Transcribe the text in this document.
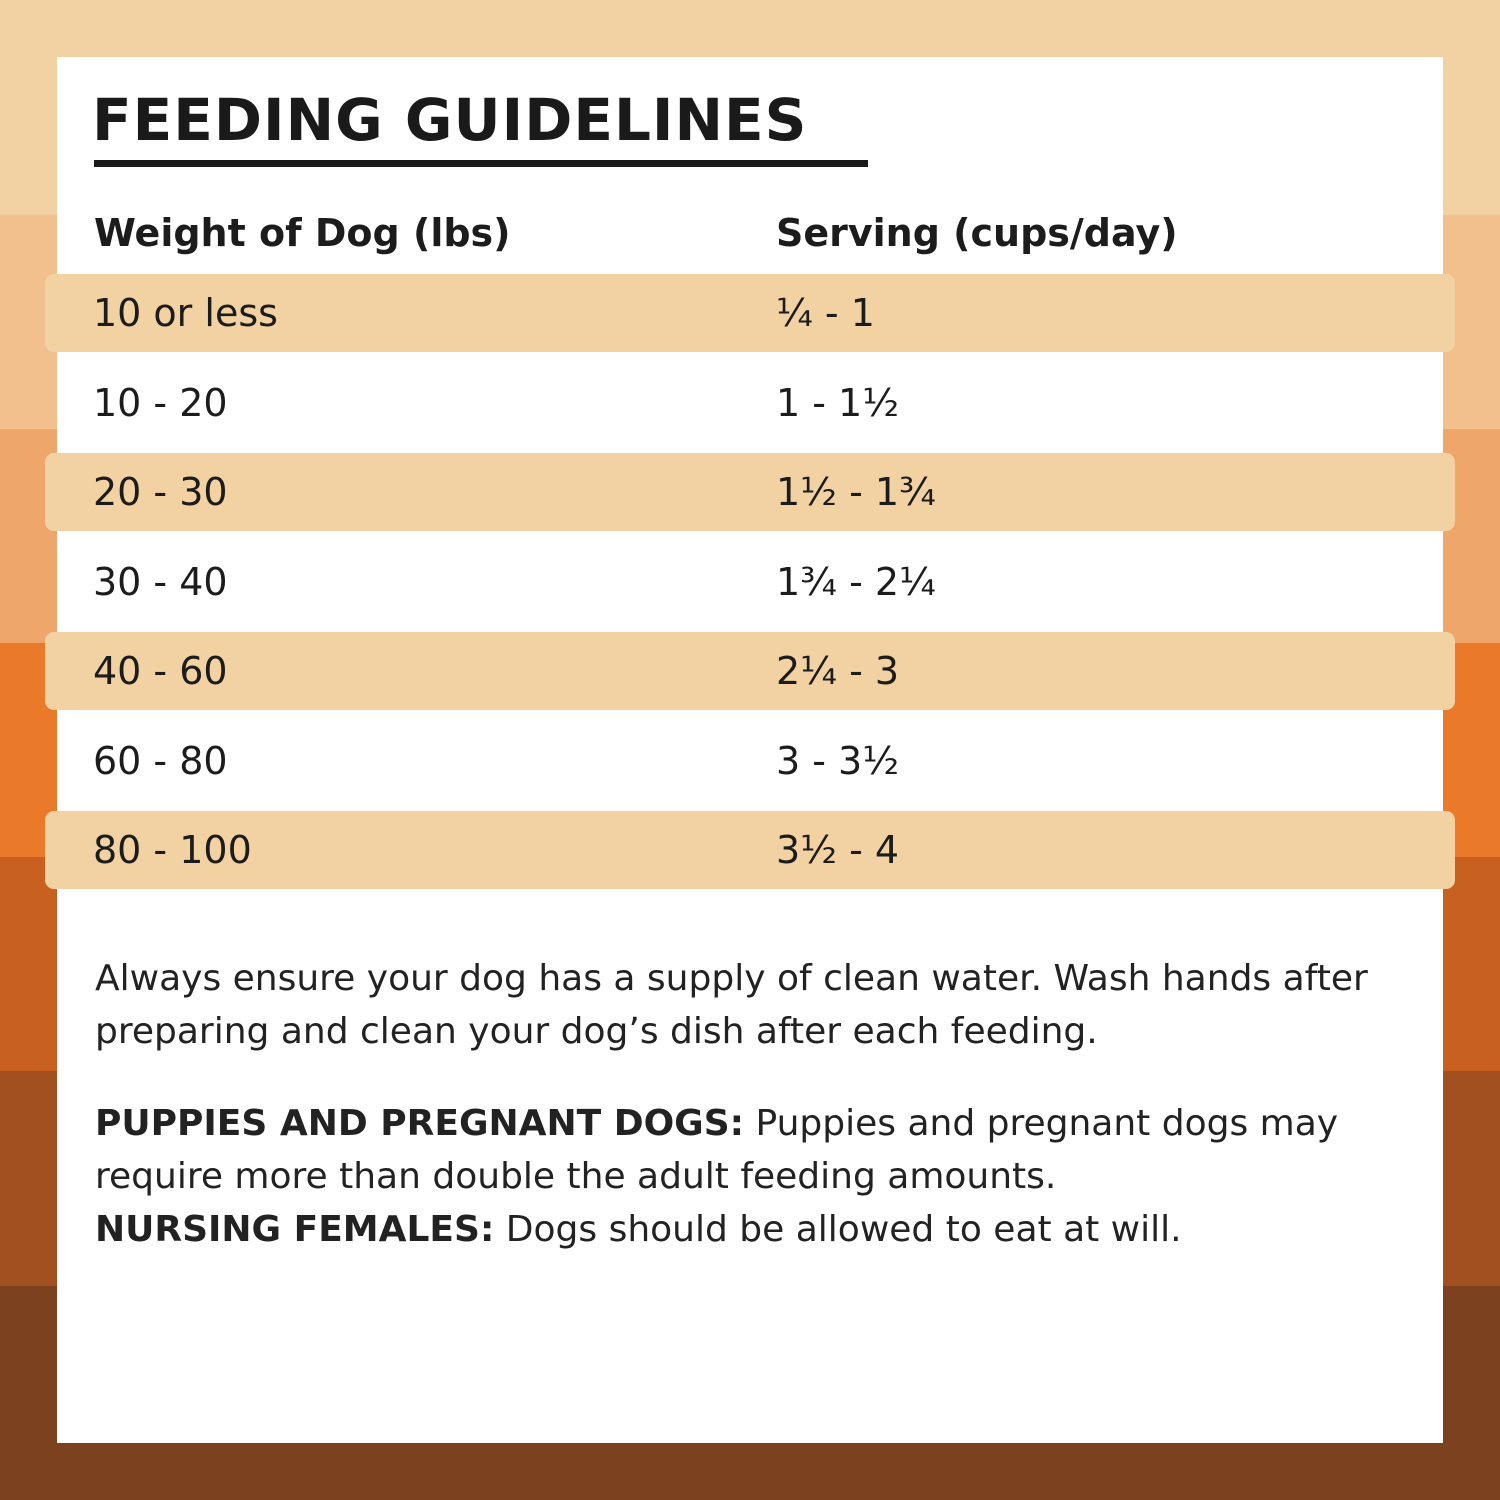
FEEDING GUIDELINES
Weight of Dog (lbs)	Serving (cups/day)
10 or less	¼ - 1
10 - 20	1 - 1½
20 - 30	1½ - 1¾
30 - 40	1¾ - 2¼
40 - 60	2¼ - 3
60 - 80	3 - 3½
80 - 100	3½ - 4

Always ensure your dog has a supply of clean water. Wash hands after preparing and clean your dog’s dish after each feeding.

PUPPIES AND PREGNANT DOGS: Puppies and pregnant dogs may require more than double the adult feeding amounts.
NURSING FEMALES: Dogs should be allowed to eat at will.
